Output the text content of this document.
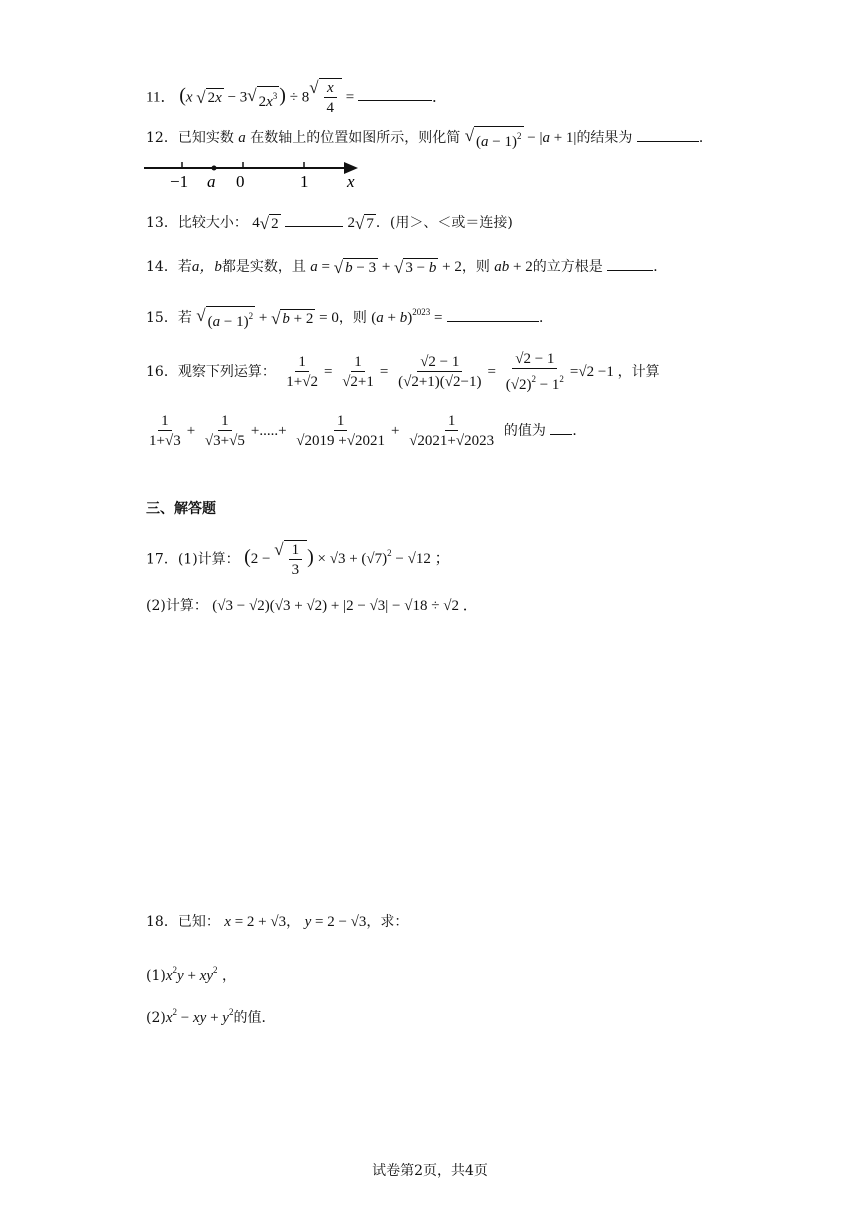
11． (x √ 2x − 3 √ $2x^3$ ) ÷ 8
√ $\frac{x}{4}$ =	．
12．已知实数 a 在数轴上的位置如图所示，则化简 √ $(a - 1)^2 - |a + 1|$的结果为	．
−1 a 0	1 x
13．比较大小： 4 √ 2	2 √ 7 ．(用＞、＜或＝连接)
14．若a，b都是实数，且 a = √ b − 3 + √ 3 − b + 2，则 ab + 2的立方根是	．
15．若 √ $(a - 1)^2$ + √ b + 2 = 0，则 $(a + b)^{2023}$ =	．
16．观察下列运算： $\frac{1}{1+√2} = \frac{1}{√2+1} = \frac{√2 - 1}{(√2+1)(√2-1)} = \frac{√2 - 1}{(√2)^2 - 1^2} =√2 -1$ ，计算
$\frac{1}{1+√3} + \frac{1}{√3+√5}$ +.....+ $\frac{1}{√2019 +√2021} + \frac{1}{√2021+√2023}$ 的值为 ．
三、解答题
17．(1)计算： (2 −
√ $\frac{1}{3}$ ) × $√3 + (√7)^2 - √12$ ；
(2)计算： (√3 − √2)(√3 + √2) + |2 − √3| − √18 ÷ √2 ．
18．已知： x = 2 + √3， y = 2 − √3，求：
$(1)x^2y + xy^2$ ，
$(2)x^2$ − xy + $y^2$的值．
试卷第2页，共4页
